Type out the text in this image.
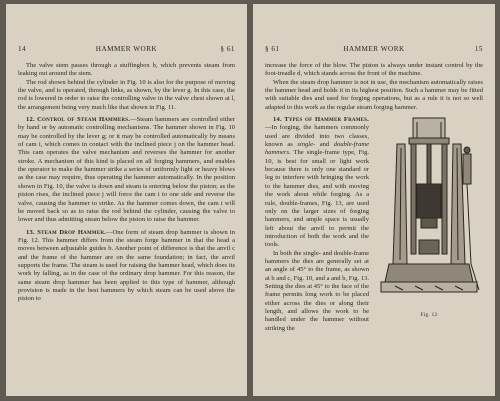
14	HAMMER WORK	§ 61

The valve stem passes through a stuffingbox b, which prevents steam from leaking out around the stem.

The rod shown behind the cylinder in Fig. 10 is also for the purpose of moving the valve, and is operated, through links, as shown, by the lever g. In this case, the rod is lowered in order to raise the controlling valve in the valve chest shown at l, the arrangement being very much like that shown in Fig. 11.

12. Control of Steam Hammers.—Steam hammers are controlled either by hand or by automatic controlling mechanisms. The hammer shown in Fig. 10 may be controlled by the lever g; or it may be controlled automatically by means of cam i, which comes in contact with the inclined piece j on the hammer head. This cam operates the valve mechanism and reverses the hammer for another stroke. A mechanism of this kind is placed on all forging hammers, and enables the operator to make the hammer strike a series of uniformly light or heavy blows as the case may require, thus operating the hammer automatically. In the position shown in Fig. 10, the valve is down and steam is entering below the piston; as the piston rises, the inclined piece j will force the cam i to one side and reverse the valve, causing the hammer to strike. As the hammer comes down, the cam i will be moved back so as to raise the rod behind the cylinder, causing the valve to lower and thus admitting steam below the piston to raise the hammer.

13. Steam Drop Hammer.—One form of steam drop hammer is shown in Fig. 12. This hammer differs from the steam forge hammer in that the head a moves between adjustable guides b. Another point of difference is that the anvil c and the frame of the hammer are on the same foundation; in fact, the anvil supports the frame. The steam is used for raising the hammer head, which does its work by falling, as in the case of the ordinary drop hammer. For this reason, the same steam drop hammer has been applied to this type of hammer, although provision is made in the best hammers by which steam can be used above the piston to

§ 61	HAMMER WORK	15

increase the force of the blow. The piston is always under instant control by the foot-treadle d, which stands across the front of the machine.

When the steam drop hammer is not in use, the mechanism automatically raises the hammer head and holds it in its highest position. Such a hammer may be fitted with suitable dies and used for forging operations, but as a rule it is not so well adapted to this work as the regular steam forging hammer.

Fig. 12

14. Types of Hammer Frames.—In forging, the hammers commonly used are divided into two classes, known as single- and double-frame hammers. The single-frame type, Fig. 10, is best for small or light work because there is only one standard or leg to interfere with bringing the work to the hammer dies, and with moving the work about while forging. As a rule, double-frames, Fig. 13, are used only on the larger sizes of forging hammers, and ample space is usually left about the anvil to permit the introduction of both the work and the tools.

In both the single- and double-frame hammers the dies are generally set at an angle of 45° to the frame, as shown at b and c, Fig. 10, and a and b, Fig. 13. Setting the dies at 45° to the face of the frame permits long work to be placed either across the dies or along their length, and allows the work to be handled under the hammer without striking the
